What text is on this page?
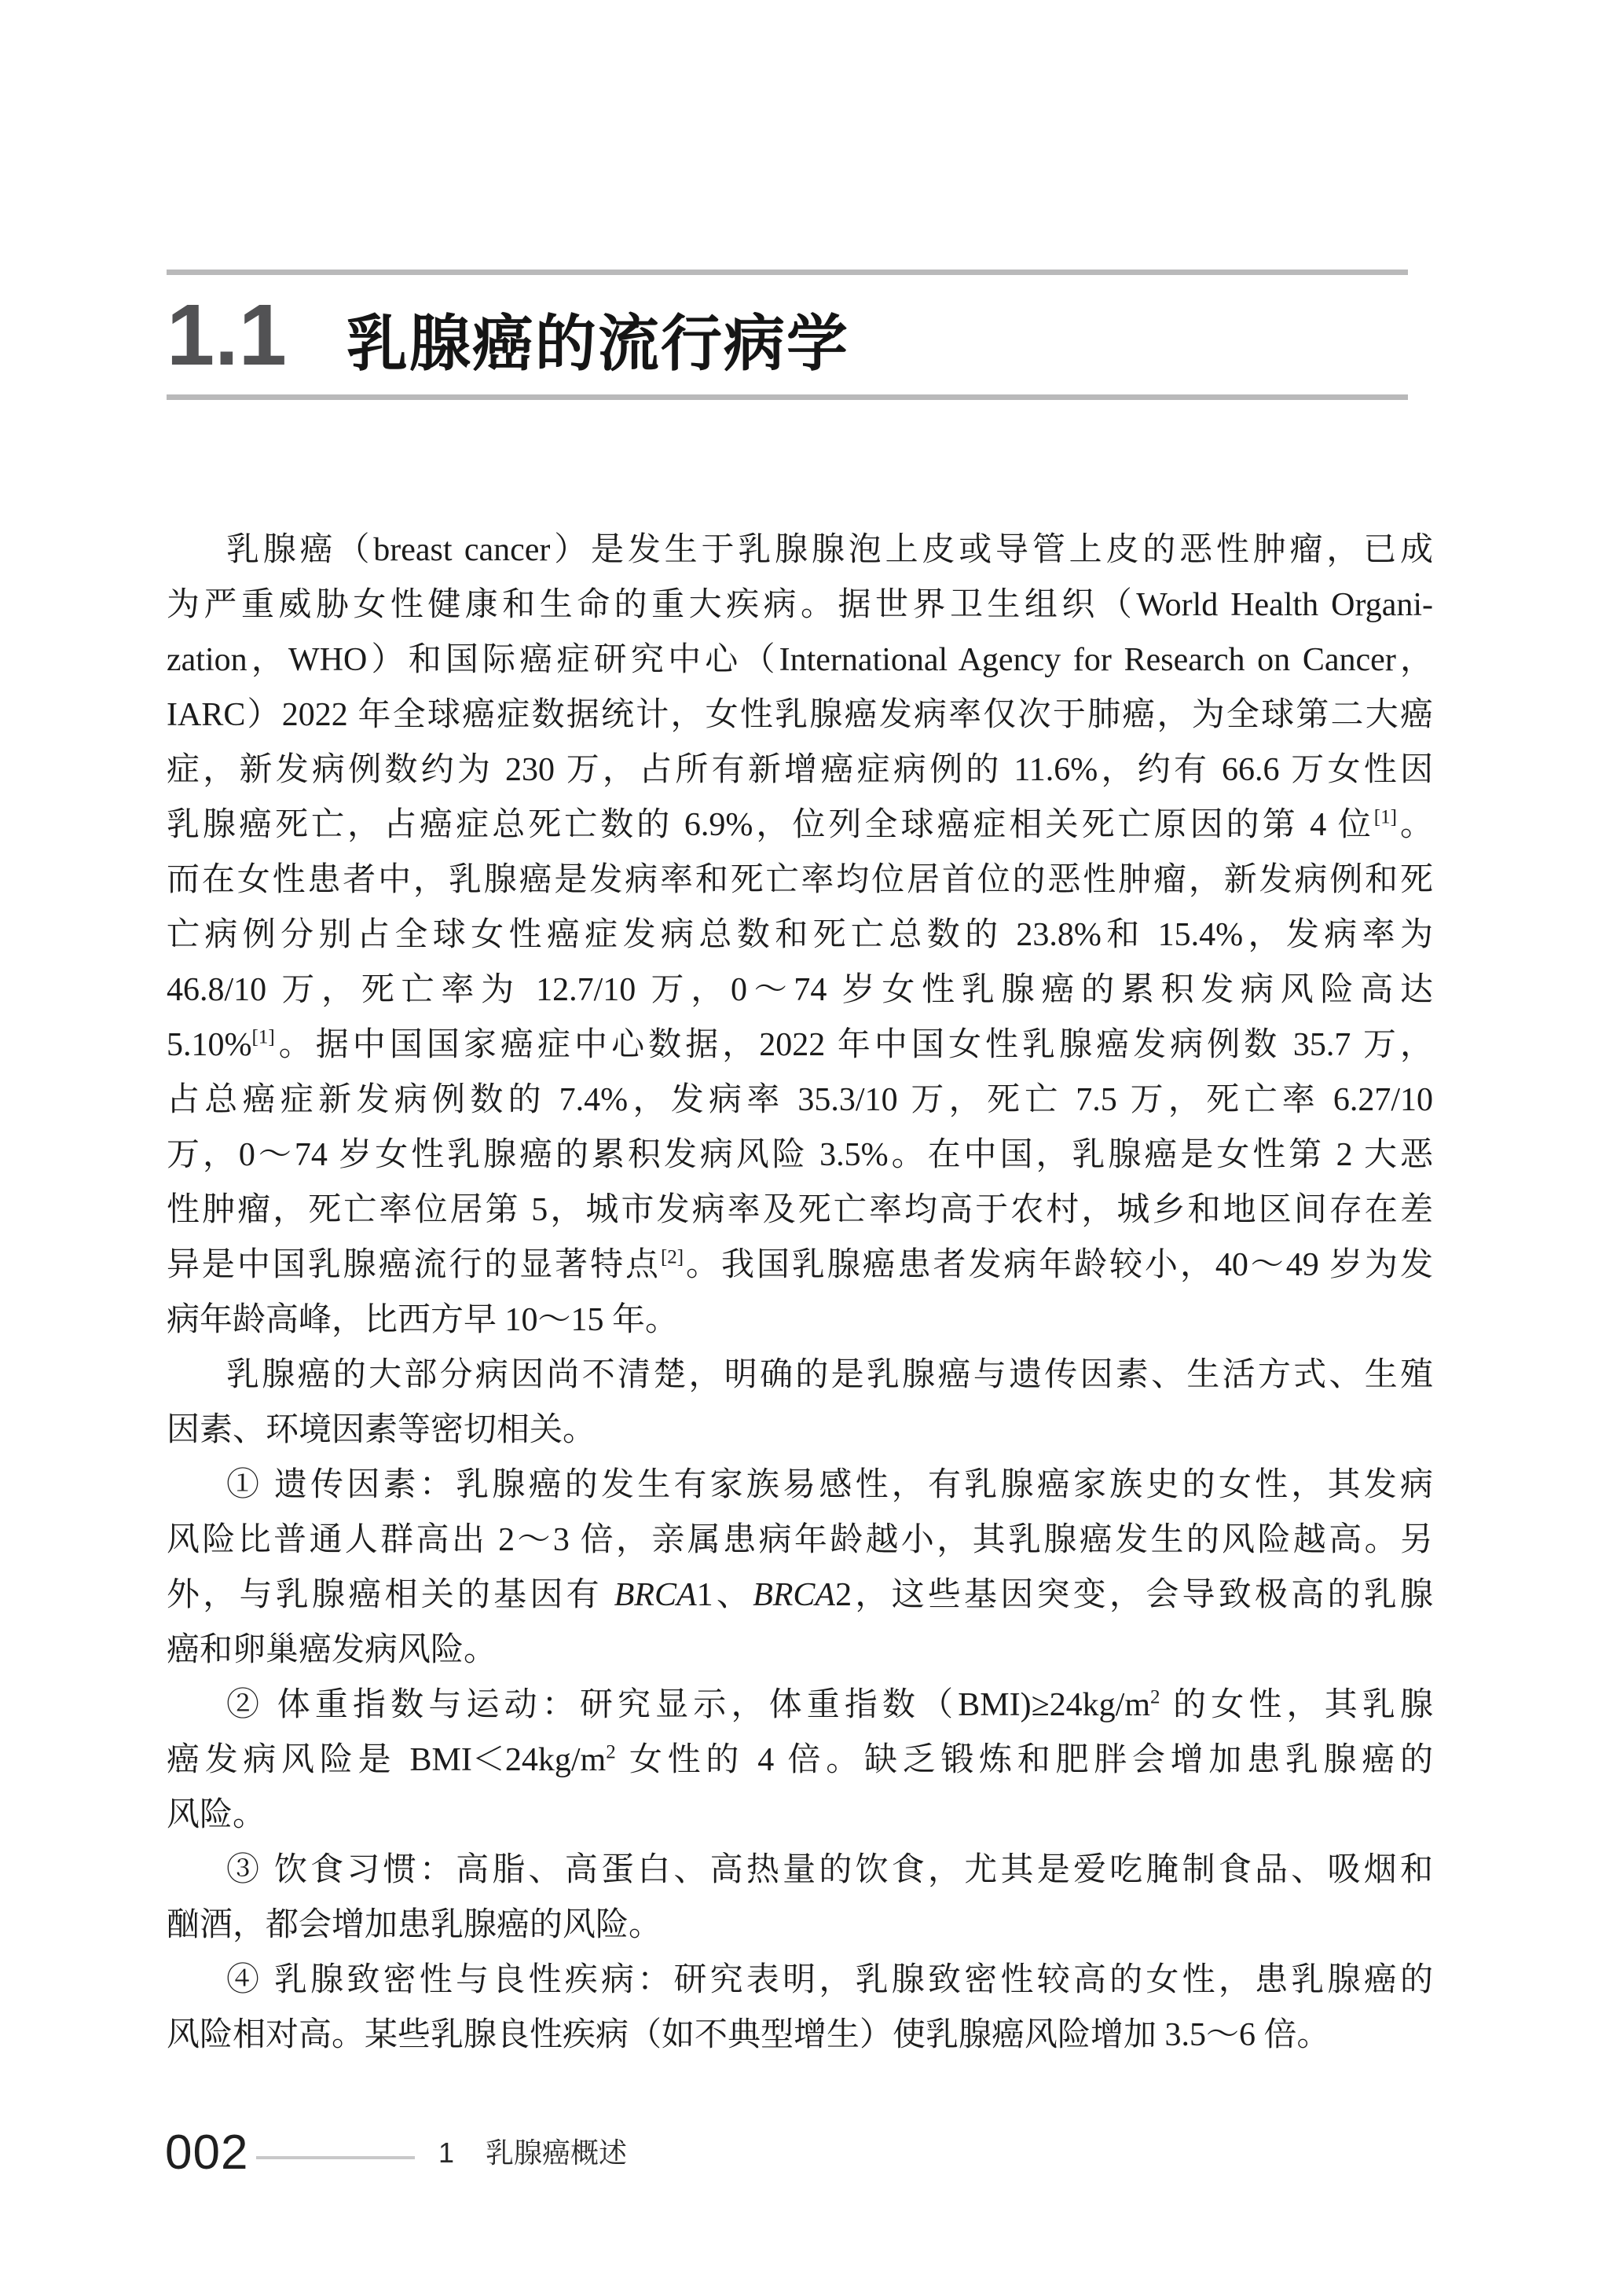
1.1 乳腺癌的流行病学
乳腺癌（breast cancer）是发生于乳腺腺泡上皮或导管上皮的恶性肿瘤，已成
为严重威胁女性健康和生命的重大疾病。据世界卫生组织（World Health Organi-
zation，WHO）和国际癌症研究中心（International Agency for Research on Cancer，
IARC）2022 年全球癌症数据统计，女性乳腺癌发病率仅次于肺癌，为全球第二大癌
症，新发病例数约为 230 万，占所有新增癌症病例的 11.6%，约有 66.6 万女性因
乳腺癌死亡，占癌症总死亡数的 6.9%，位列全球癌症相关死亡原因的第 4 位[1]。
而在女性患者中，乳腺癌是发病率和死亡率均位居首位的恶性肿瘤，新发病例和死
亡病例分别占全球女性癌症发病总数和死亡总数的 23.8%和 15.4%，发病率为
46.8/10 万，死亡率为 12.7/10 万，0～74 岁女性乳腺癌的累积发病风险高达
5.10%[1]。据中国国家癌症中心数据，2022 年中国女性乳腺癌发病例数 35.7 万，
占总癌症新发病例数的 7.4%，发病率 35.3/10 万，死亡 7.5 万，死亡率 6.27/10
万，0～74 岁女性乳腺癌的累积发病风险 3.5%。在中国，乳腺癌是女性第 2 大恶
性肿瘤，死亡率位居第 5，城市发病率及死亡率均高于农村，城乡和地区间存在差
异是中国乳腺癌流行的显著特点[2]。我国乳腺癌患者发病年龄较小，40～49 岁为发
病年龄高峰，比西方早 10～15 年。
乳腺癌的大部分病因尚不清楚，明确的是乳腺癌与遗传因素、生活方式、生殖
因素、环境因素等密切相关。
① 遗传因素：乳腺癌的发生有家族易感性，有乳腺癌家族史的女性，其发病
风险比普通人群高出 2～3 倍，亲属患病年龄越小，其乳腺癌发生的风险越高。另
外，与乳腺癌相关的基因有 BRCA1、BRCA2，这些基因突变，会导致极高的乳腺
癌和卵巢癌发病风险。
② 体重指数与运动：研究显示，体重指数$(BMI)\ge 24kg/m^2$ 的女性，其乳腺
癌发病风险是 $BMI<24kg/m^2$ 女性的 4 倍。缺乏锻炼和肥胖会增加患乳腺癌的
风险。
③ 饮食习惯：高脂、高蛋白、高热量的饮食，尤其是爱吃腌制食品、吸烟和
酗酒，都会增加患乳腺癌的风险。
④ 乳腺致密性与良性疾病：研究表明，乳腺致密性较高的女性，患乳腺癌的
风险相对高。某些乳腺良性疾病（如不典型增生）使乳腺癌风险增加 3.5～6 倍。
002	1 乳腺癌概述
